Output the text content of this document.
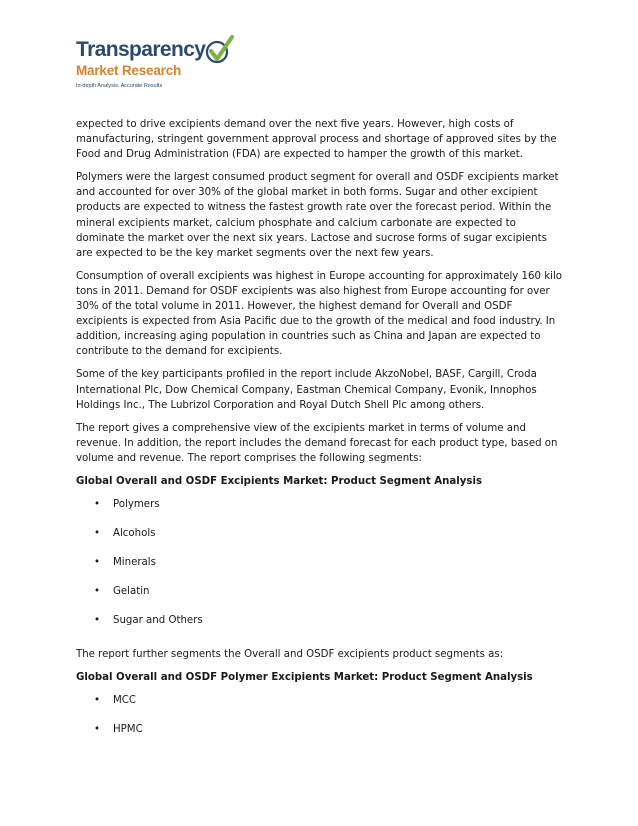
Transparency
Market Research
In-depth Analysis. Accurate Results

expected to drive excipients demand over the next five years. However, high costs of manufacturing, stringent government approval process and shortage of approved sites by the Food and Drug Administration (FDA) are expected to hamper the growth of this market.

Polymers were the largest consumed product segment for overall and OSDF excipients market and accounted for over 30% of the global market in both forms. Sugar and other excipient products are expected to witness the fastest growth rate over the forecast period. Within the mineral excipients market, calcium phosphate and calcium carbonate are expected to dominate the market over the next six years. Lactose and sucrose forms of sugar excipients are expected to be the key market segments over the next few years.

Consumption of overall excipients was highest in Europe accounting for approximately 160 kilo tons in 2011. Demand for OSDF excipients was also highest from Europe accounting for over 30% of the total volume in 2011. However, the highest demand for Overall and OSDF excipients is expected from Asia Pacific due to the growth of the medical and food industry. In addition, increasing aging population in countries such as China and Japan are expected to contribute to the demand for excipients.

Some of the key participants profiled in the report include AkzoNobel, BASF, Cargill, Croda International Plc, Dow Chemical Company, Eastman Chemical Company, Evonik, Innophos Holdings Inc., The Lubrizol Corporation and Royal Dutch Shell Plc among others.

The report gives a comprehensive view of the excipients market in terms of volume and revenue. In addition, the report includes the demand forecast for each product type, based on volume and revenue. The report comprises the following segments:

Global Overall and OSDF Excipients Market: Product Segment Analysis

• Polymers
• Alcohols
• Minerals
• Gelatin
• Sugar and Others

The report further segments the Overall and OSDF excipients product segments as:

Global Overall and OSDF Polymer Excipients Market: Product Segment Analysis

• MCC
• HPMC
